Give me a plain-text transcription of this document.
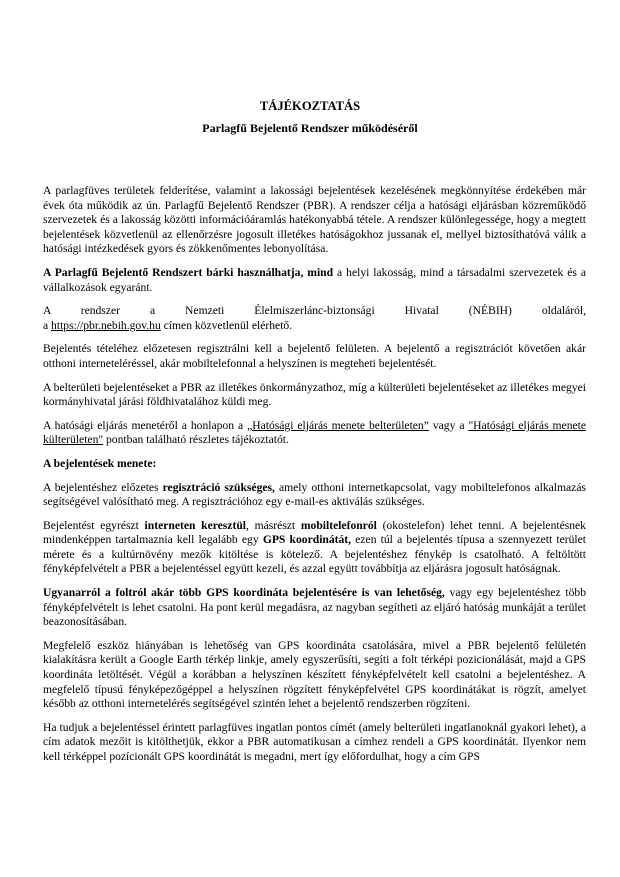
TÁJÉKOZTATÁS
Parlagfű Bejelentő Rendszer működéséről

A parlagfüves területek felderítése, valamint a lakossági bejelentések kezelésének megkönnyítése érdekében már évek óta működik az ún. Parlagfű Bejelentő Rendszer (PBR). A rendszer célja a hatósági eljárásban közreműködő szervezetek és a lakosság közötti információáramlás hatékonyabbá tétele. A rendszer különlegessége, hogy a megtett bejelentések közvetlenül az ellenőrzésre jogosult illetékes hatóságokhoz jussanak el, mellyel biztosíthatóvá válik a hatósági intézkedések gyors és zökkenőmentes lebonyolítása.

A Parlagfű Bejelentő Rendszert bárki használhatja, mind a helyi lakosság, mind a társadalmi szervezetek és a vállalkozások egyaránt.

A rendszer a Nemzeti Élelmiszerlánc-biztonsági Hivatal (NÉBIH) oldaláról,
a https://pbr.nebih.gov.hu címen közvetlenül elérhető.

Bejelentés tételéhez előzetesen regisztrálni kell a bejelentő felületen. A bejelentő a regisztrációt követően akár otthoni interneteléréssel, akár mobiltelefonnal a helyszínen is megteheti bejelentését.

A belterületi bejelentéseket a PBR az illetékes önkormányzathoz, míg a külterületi bejelentéseket az illetékes megyei kormányhivatal járási földhivatalához küldi meg.

A hatósági eljárás menetéről a honlapon a „Hatósági eljárás menete belterületen” vagy a "Hatósági eljárás menete külterületen" pontban található részletes tájékoztatót.

A bejelentések menete:

A bejelentéshez előzetes regisztráció szükséges, amely otthoni internetkapcsolat, vagy mobiltelefonos alkalmazás segítségével valósítható meg. A regisztrációhoz egy e-mail-es aktiválás szükséges.

Bejelentést egyrészt interneten keresztül, másrészt mobiltelefonról (okostelefon) lehet tenni. A bejelentésnek mindenképpen tartalmaznia kell legalább egy GPS koordinátát, ezen túl a bejelentés típusa a szennyezett terület mérete és a kultúrnövény mezők kitöltése is kötelező. A bejelentéshez fénykép is csatolható. A feltöltött fényképfelvételt a PBR a bejelentéssel együtt kezeli, és azzal együtt továbbítja az eljárásra jogosult hatóságnak.

Ugyanarról a foltról akár több GPS koordináta bejelentésére is van lehetőség, vagy egy bejelentéshez több fényképfelvételt is lehet csatolni. Ha pont kerül megadásra, az nagyban segítheti az eljáró hatóság munkáját a terület beazonosításában.

Megfelelő eszköz hiányában is lehetőség van GPS koordináta csatolására, mivel a PBR bejelentő felületén kialakításra került a Google Earth térkép linkje, amely egyszerűsíti, segíti a folt térképi pozicionálását, majd a GPS koordináta letöltését. Végül a korábban a helyszínen készített fényképfelvételt kell csatolni a bejelentéshez. A megfelelő típusú fényképezőgéppel a helyszínen rögzített fényképfelvétel GPS koordinátákat is rögzít, amelyet később az otthoni internetelérés segítségével szintén lehet a bejelentő rendszerben rögzíteni.

Ha tudjuk a bejelentéssel érintett parlagfüves ingatlan pontos címét (amely belterületi ingatlanoknál gyakori lehet), a cím adatok mezőit is kitölthetjük, ekkor a PBR automatikusan a címhez rendeli a GPS koordinátát. Ilyenkor nem kell térképpel pozícionált GPS koordinátát is megadni, mert így előfordulhat, hogy a cím GPS
